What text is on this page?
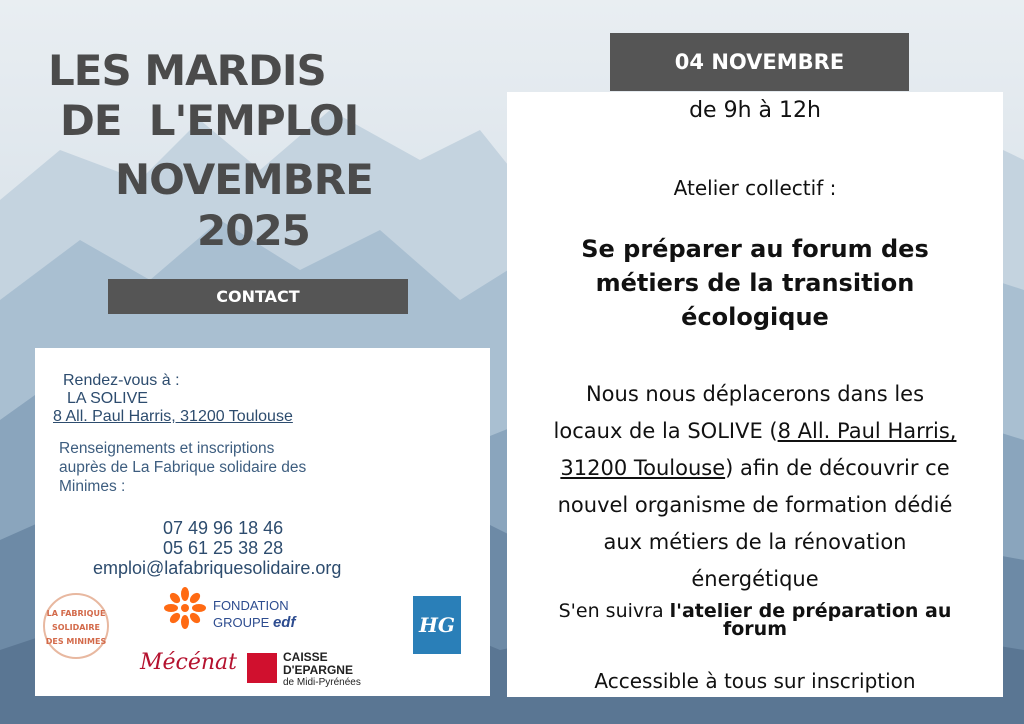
LES MARDIS
DE  L'EMPLOI
NOVEMBRE
2025
CONTACT
04 NOVEMBRE
Rendez-vous à :
LA SOLIVE
8 All. Paul Harris, 31200 Toulouse
Renseignements et inscriptions
auprès de La Fabrique solidaire des
Minimes :
07 49 96 18 46
05 61 25 38 28
emploi@lafabriquesolidaire.org
LA FABRIQUE
SOLIDAIRE
DES MINIMES
FONDATION
GROUPE edf
Mécénat	CAISSE
D'EPARGNE
de Midi-Pyrénées
HG
de 9h à 12h
Atelier collectif :
Se préparer au forum des
métiers de la transition
écologique
Nous nous déplacerons dans les
locaux de la SOLIVE (8 All. Paul Harris,
31200 Toulouse) afin de découvrir ce
nouvel organisme de formation dédié
aux métiers de la rénovation
énergétique
S'en suivra l'atelier de préparation au
forum
Accessible à tous sur inscription
